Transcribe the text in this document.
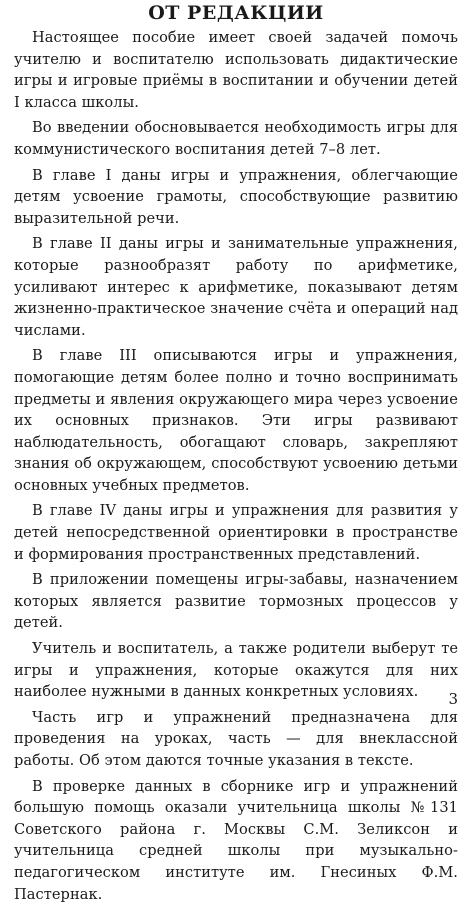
ОТ РЕДАКЦИИ

Настоящее пособие имеет своей задачей помочь учителю и воспитателю использовать дидактические игры и игровые приёмы в воспитании и обучении детей I класса школы.

Во введении обосновывается необходимость игры для коммунистического воспитания детей 7–8 лет.

В главе I даны игры и упражнения, облегчающие детям усвоение грамоты, способствующие развитию выразительной речи.

В главе II даны игры и занимательные упражнения, которые разнообразят работу по арифметике, усиливают интерес к арифметике, показывают детям жизненно-практическое значение счёта и операций над числами.

В главе III описываются игры и упражнения, помогающие детям более полно и точно воспринимать предметы и явления окружающего мира через усвоение их основных признаков. Эти игры развивают наблюдательность, обогащают словарь, закрепляют знания об окружающем, способствуют усвоению детьми основных учебных предметов.

В главе IV даны игры и упражнения для развития у детей непосредственной ориентировки в пространстве и формирования пространственных представлений.

В приложении помещены игры-забавы, назначением которых является развитие тормозных процессов у детей.

Учитель и воспитатель, а также родители выберут те игры и упражнения, которые окажутся для них наиболее нужными в данных конкретных условиях.

Часть игр и упражнений предназначена для проведения на уроках, часть — для внеклассной работы. Об этом даются точные указания в тексте.

В проверке данных в сборнике игр и упражнений большую помощь оказали учительница школы №131 Советского района г. Москвы С.М. Зеликсон и учительница средней школы при музыкально-педагогическом институте им. Гнесиных Ф.М. Пастернак.

3
